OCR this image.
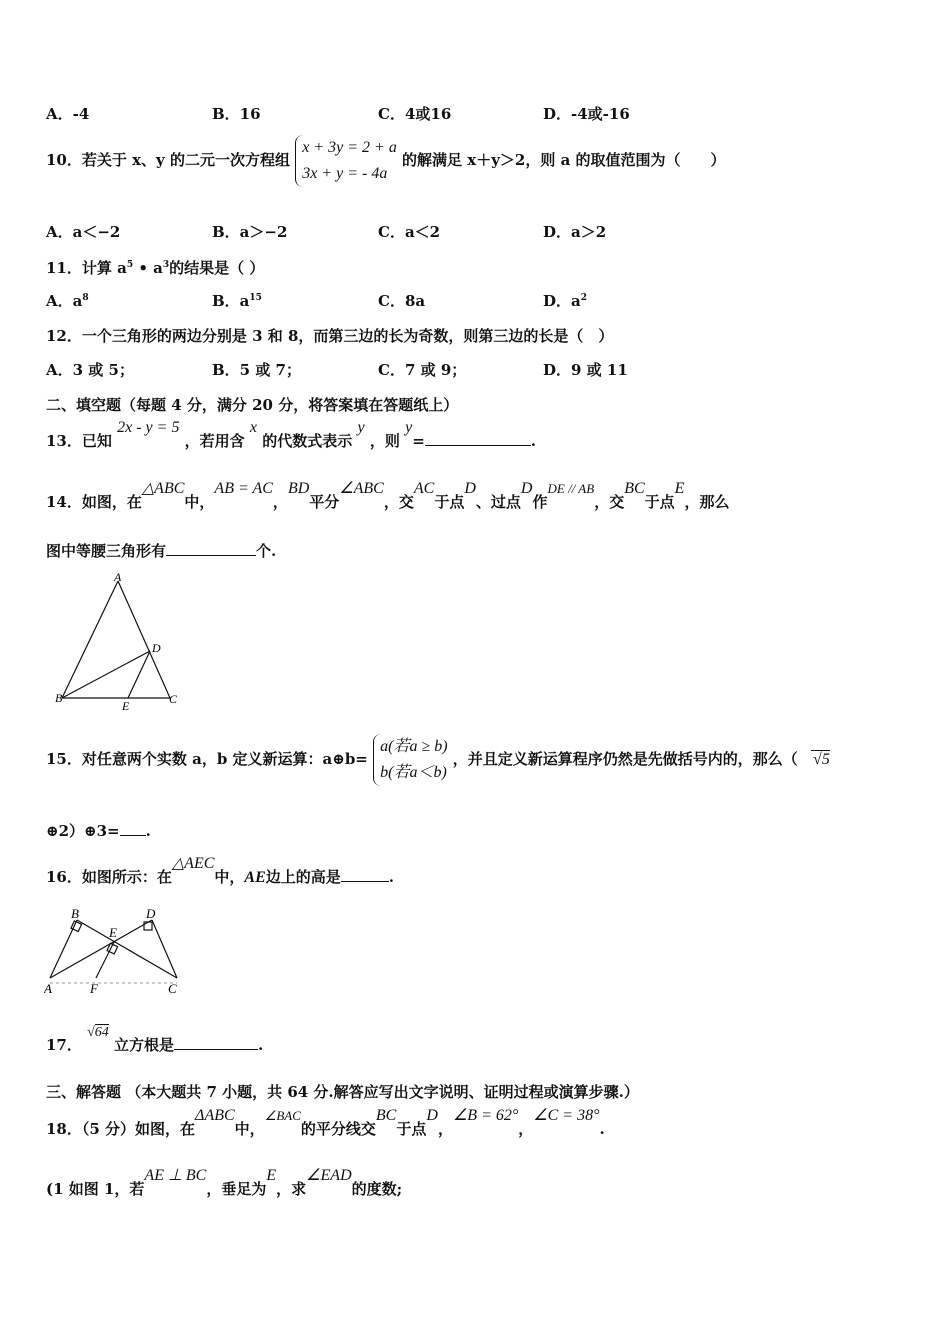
A．-4	B．16	C．4或16	D．-4或-16
10．若关于 x、y 的二元一次方程组 x + 3y = 2 + a
3x + y = - 4a 的解满足 x＋y＞2，则 a 的取值范围为（　　）
A．a＜−2	B．a＞−2	C．a＜2	D．a＞2
11．计算 $a^5$ • $a^3$的结果是（ ）
A．$a^8$	B．$a^{15}$	C．8a	D．$a^2$
12．一个三角形的两边分别是 3 和 8，而第三边的长为奇数，则第三边的长是（　）
A．3 或 5；	B．5 或 7；	C．7 或 9；	D．9 或 11
二、填空题（每题 4 分，满分 20 分，将答案填在答题纸上）
13．已知 2x - y = 5 ，若用含 x 的代数式表示 y ，则 y=	.
14．如图，在△ABC中，AB = AC，BD平分∠ABC，交AC于点D、过点D作DE // AB，交BC于点E，那么
图中等腰三角形有	个.
A
B	C
D
E
15．对任意两个实数 a，b 定义新运算：a⊕b= a(若a ≥ b)
b(若a＜b) ，并且定义新运算程序仍然是先做括号内的，那么（ √5
⊕2）⊕3= .
16．如图所示：在△AEC中，AE边上的高是	.
B	D
E
A	F	C
17． √64 立方根是	.
三、解答题 （本大题共 7 小题，共 64 分.解答应写出文字说明、证明过程或演算步骤.）
18．（5 分）如图，在ΔABC中，∠BAC的平分线交BC于点D，∠B = 62°，∠C = 38°.
(1 如图 1，若AE ⊥ BC，垂足为E，求∠EAD的度数;
